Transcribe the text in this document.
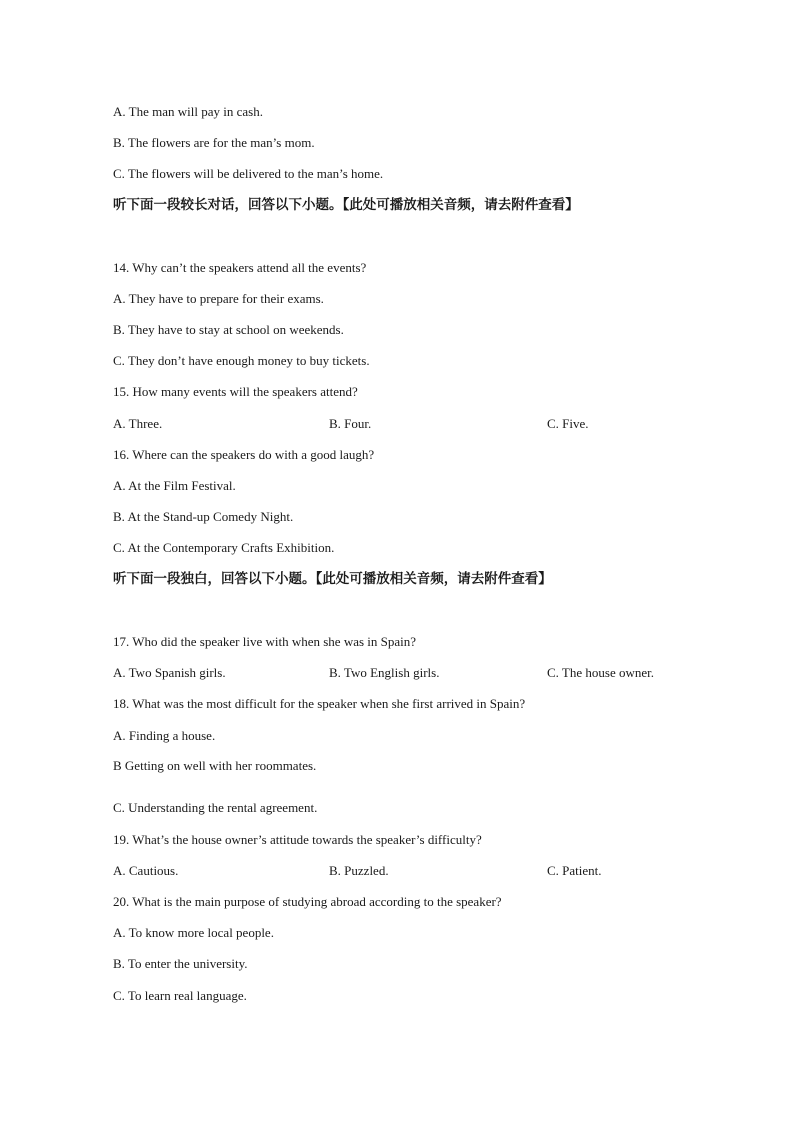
A. The man will pay in cash.
B. The flowers are for the man’s mom.
C. The flowers will be delivered to the man’s home.
听下面一段较长对话，回答以下小题。【此处可播放相关音频，请去附件查看】
14. Why can’t the speakers attend all the events?
A. They have to prepare for their exams.
B. They have to stay at school on weekends.
C. They don’t have enough money to buy tickets.
15. How many events will the speakers attend?
A. Three.	B. Four.	C. Five.
16. Where can the speakers do with a good laugh?
A. At the Film Festival.
B. At the Stand-up Comedy Night.
C. At the Contemporary Crafts Exhibition.
听下面一段独白，回答以下小题。【此处可播放相关音频，请去附件查看】
17. Who did the speaker live with when she was in Spain?
A. Two Spanish girls.	B. Two English girls.	C. The house owner.
18. What was the most difficult for the speaker when she first arrived in Spain?
A. Finding a house.
B Getting on well with her roommates.
C. Understanding the rental agreement.
19. What’s the house owner’s attitude towards the speaker’s difficulty?
A. Cautious.	B. Puzzled.	C. Patient.
20. What is the main purpose of studying abroad according to the speaker?
A. To know more local people.
B. To enter the university.
C. To learn real language.
